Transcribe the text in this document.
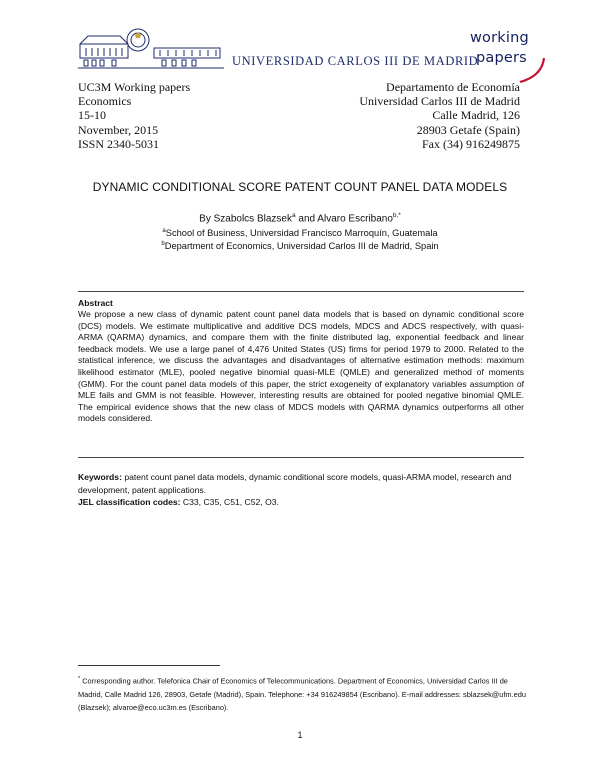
UNIVERSIDAD CARLOS III DE MADRID
working
papers
UC3M Working papers
Economics
15-10
November, 2015
ISSN 2340-5031
Departamento de Economía
Universidad Carlos III de Madrid
Calle Madrid, 126
28903 Getafe (Spain)
Fax (34) 916249875
DYNAMIC CONDITIONAL SCORE PATENT COUNT PANEL DATA MODELS
By Szabolcs Blazsek$^a$ and Alvaro Escribano$^{b,*}$
$^a$School of Business, Universidad Francisco Marroquín, Guatemala
$^b$Department of Economics, Universidad Carlos III de Madrid, Spain
Abstract
We propose a new class of dynamic patent count panel data models that is based on dynamic conditional score (DCS) models. We estimate multiplicative and additive DCS models, MDCS and ADCS respectively, with quasi-ARMA (QARMA) dynamics, and compare them with the finite distributed lag, exponential feedback and linear feedback models. We use a large panel of 4,476 United States (US) firms for period 1979 to 2000. Related to the statistical inference, we discuss the advantages and disadvantages of alternative estimation methods: maximum likelihood estimator (MLE), pooled negative binomial quasi-MLE (QMLE) and generalized method of moments (GMM). For the count panel data models of this paper, the strict exogeneity of explanatory variables assumption of MLE fails and GMM is not feasible. However, interesting results are obtained for pooled negative binomial QMLE. The empirical evidence shows that the new class of MDCS models with QARMA dynamics outperforms all other models considered.
Keywords: patent count panel data models, dynamic conditional score models, quasi-ARMA model, research and development, patent applications.
JEL classification codes: C33, C35, C51, C52, O3.
* Corresponding author. Telefonica Chair of Economics of Telecommunications. Department of Economics, Universidad Carlos III de Madrid, Calle Madrid 126, 28903, Getafe (Madrid), Spain. Telephone: +34 916249854 (Escribano). E-mail addresses: sblazsek@ufm.edu (Blazsek); alvaroe@eco.uc3m.es (Escribano).
1
